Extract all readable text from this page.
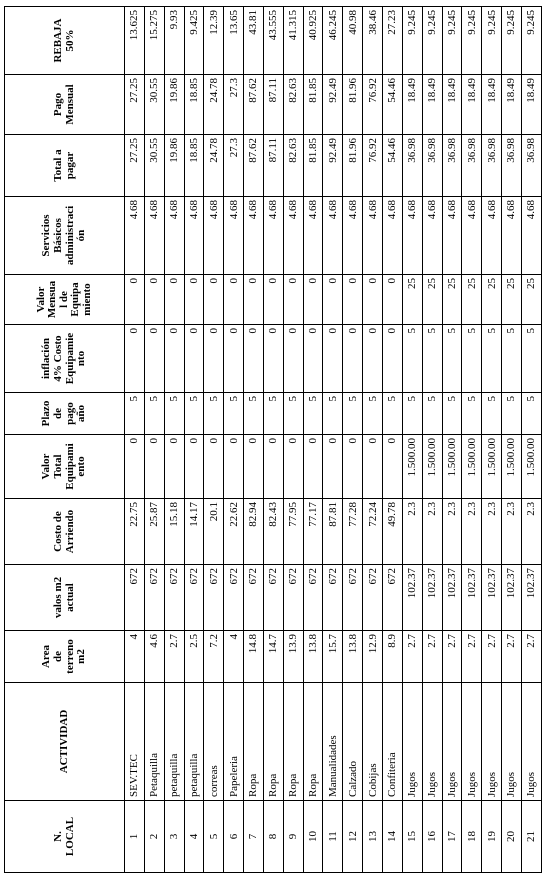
N.
LOCAL	ACTIVIDAD	Area
de
terreno
m2	valos m2
actual	Costo de
Arriendo	Valor
Total
Equipami
ento	Plazo
de
pago
año	inflación
4% Costo
Equipamie
nto	Valor
Mensua
l de
Equipa
miento	Servicios
Básicos
administraci
ón	Total a
pagar	Pago
Mensual	REBAJA
50%
1	SEV.TEC	4	672	22.75	0	5	0	0	4.68	27.25	27.25	13.625
2	Petaquilla	4.6	672	25.87	0	5	0	0	4.68	30.55	30.55	15.275
3	petaquilla	2.7	672	15.18	0	5	0	0	4.68	19.86	19.86	9.93
4	petaquilla	2.5	672	14.17	0	5	0	0	4.68	18.85	18.85	9.425
5	correas	7.2	672	20.1	0	5	0	0	4.68	24.78	24.78	12.39
6	Papeleria	4	672	22.62	0	5	0	0	4.68	27.3	27.3	13.65
7	Ropa	14.8	672	82.94	0	5	0	0	4.68	87.62	87.62	43.81
8	Ropa	14.7	672	82.43	0	5	0	0	4.68	87.11	87.11	43.555
9	Ropa	13.9	672	77.95	0	5	0	0	4.68	82.63	82.63	41.315
10	Ropa	13.8	672	77.17	0	5	0	0	4.68	81.85	81.85	40.925
11	Manualidades	15.7	672	87.81	0	5	0	0	4.68	92.49	92.49	46.245
12	Calzado	13.8	672	77.28	0	5	0	0	4.68	81.96	81.96	40.98
13	Cobijas	12.9	672	72.24	0	5	0	0	4.68	76.92	76.92	38.46
14	Confiteria	8.9	672	49.78	0	5	0	0	4.68	54.46	54.46	27.23
15	Jugos	2.7	102.37	2.3	1.500.00	5	5	25	4.68	36.98	18.49	9.245
16	Jugos	2.7	102.37	2.3	1.500.00	5	5	25	4.68	36.98	18.49	9.245
17	Jugos	2.7	102.37	2.3	1.500.00	5	5	25	4.68	36.98	18.49	9.245
18	Jugos	2.7	102.37	2.3	1.500.00	5	5	25	4.68	36.98	18.49	9.245
19	Jugos	2.7	102.37	2.3	1.500.00	5	5	25	4.68	36.98	18.49	9.245
20	Jugos	2.7	102.37	2.3	1.500.00	5	5	25	4.68	36.98	18.49	9.245
21	Jugos	2.7	102.37	2.3	1.500.00	5	5	25	4.68	36.98	18.49	9.245
